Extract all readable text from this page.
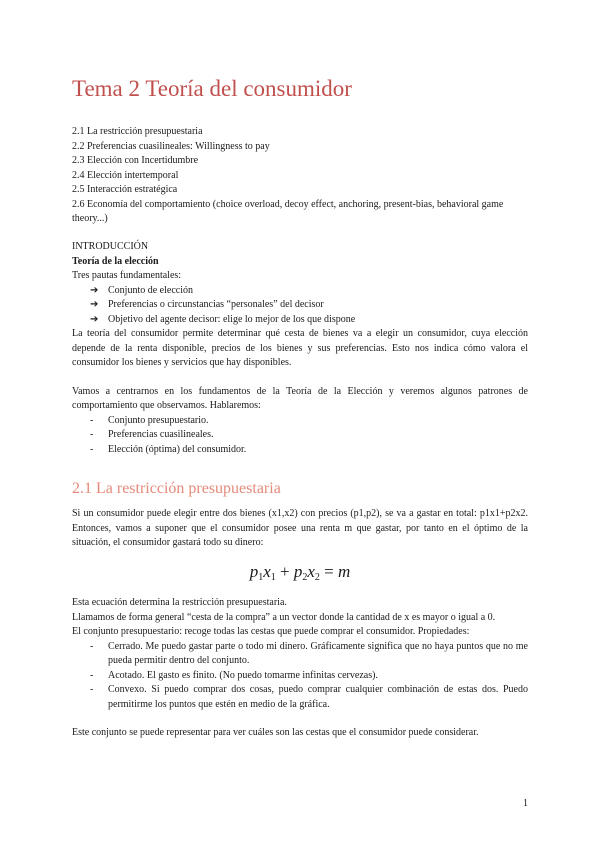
Tema 2 Teoría del consumidor
2.1 La restricción presupuestaria
2.2 Preferencias cuasilineales: Willingness to pay
2.3 Elección con Incertidumbre
2.4 Elección intertemporal
2.5 Interacción estratégica
2.6 Economía del comportamiento (choice overload, decoy effect, anchoring, present-bias, behavioral game theory...)
INTRODUCCIÓN
Teoría de la elección
Tres pautas fundamentales:
➔ Conjunto de elección
➔ Preferencias o circunstancias “personales” del decisor
➔ Objetivo del agente decisor: elige lo mejor de los que dispone
La teoría del consumidor permite determinar qué cesta de bienes va a elegir un consumidor, cuya elección depende de la renta disponible, precios de los bienes y sus preferencias. Esto nos indica cómo valora el consumidor los bienes y servicios que hay disponibles.
Vamos a centrarnos en los fundamentos de la Teoría de la Elección y veremos algunos patrones de comportamiento que observamos. Hablaremos:
- Conjunto presupuestario.
- Preferencias cuasilineales.
- Elección (óptima) del consumidor.
2.1 La restricción presupuestaria
Si un consumidor puede elegir entre dos bienes (x1,x2) con precios (p1,p2), se va a gastar en total: p1x1+p2x2. Entonces, vamos a suponer que el consumidor posee una renta m que gastar, por tanto en el óptimo de la situación, el consumidor gastará todo su dinero:
$p_1x_1 + p_2x_2 = m$
Esta ecuación determina la restricción presupuestaria.
Llamamos de forma general “cesta de la compra” a un vector donde la cantidad de x es mayor o igual a 0.
El conjunto presupuestario: recoge todas las cestas que puede comprar el consumidor. Propiedades:
- Cerrado. Me puedo gastar parte o todo mi dinero. Gráficamente significa que no haya puntos que no me pueda permitir dentro del conjunto.
- Acotado. El gasto es finito. (No puedo tomarme infinitas cervezas).
- Convexo. Si puedo comprar dos cosas, puedo comprar cualquier combinación de estas dos. Puedo permitirme los puntos que estén en medio de la gráfica.
Este conjunto se puede representar para ver cuáles son las cestas que el consumidor puede considerar.
1
